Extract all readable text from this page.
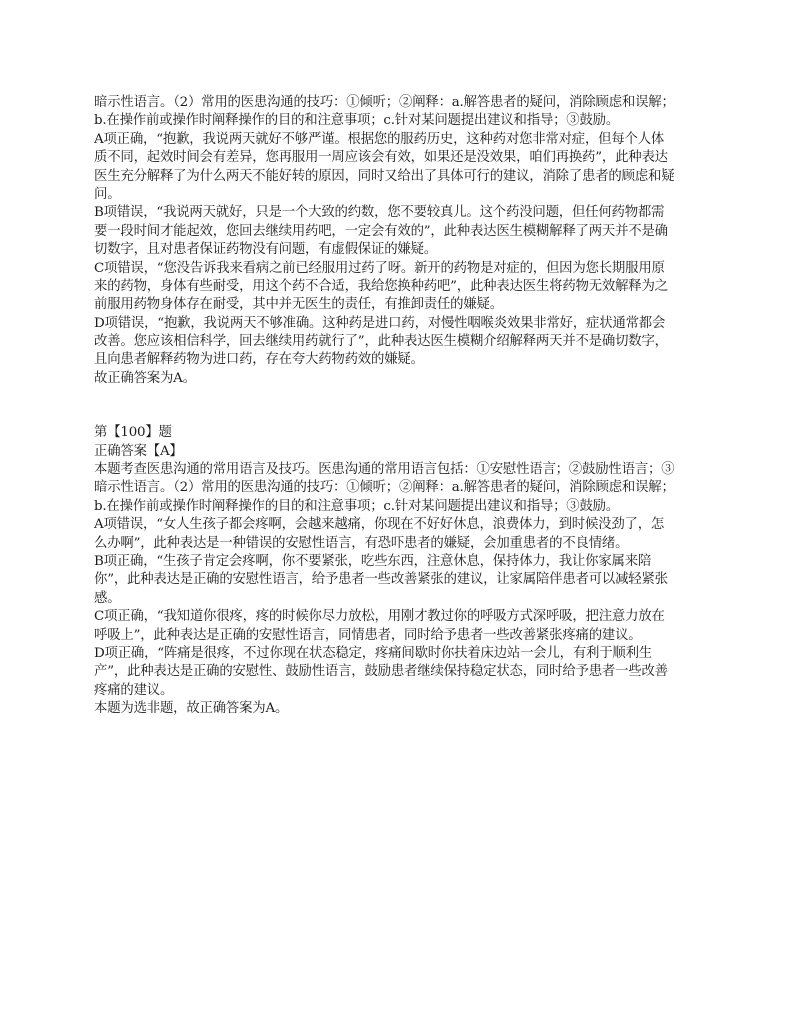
暗示性语言。（2）常用的医患沟通的技巧：①倾听；②阐释：a.解答患者的疑问，消除顾虑和误解；
b.在操作前或操作时阐释操作的目的和注意事项；c.针对某问题提出建议和指导；③鼓励。
A项正确，“抱歉，我说两天就好不够严谨。根据您的服药历史，这种药对您非常对症，但每个人体
质不同，起效时间会有差异，您再服用一周应该会有效，如果还是没效果，咱们再换药”，此种表达
医生充分解释了为什么两天不能好转的原因，同时又给出了具体可行的建议，消除了患者的顾虑和疑
问。
B项错误，“我说两天就好，只是一个大致的约数，您不要较真儿。这个药没问题，但任何药物都需
要一段时间才能起效，您回去继续用药吧，一定会有效的”，此种表达医生模糊解释了两天并不是确
切数字，且对患者保证药物没有问题，有虚假保证的嫌疑。
C项错误，“您没告诉我来看病之前已经服用过药了呀。新开的药物是对症的，但因为您长期服用原
来的药物，身体有些耐受，用这个药不合适，我给您换种药吧”，此种表达医生将药物无效解释为之
前服用药物身体存在耐受，其中并无医生的责任，有推卸责任的嫌疑。
D项错误，“抱歉，我说两天不够准确。这种药是进口药，对慢性咽喉炎效果非常好，症状通常都会
改善。您应该相信科学，回去继续用药就行了”，此种表达医生模糊介绍解释两天并不是确切数字，
且向患者解释药物为进口药，存在夸大药物药效的嫌疑。
故正确答案为A。
第【100】题
正确答案【A】
本题考查医患沟通的常用语言及技巧。医患沟通的常用语言包括：①安慰性语言；②鼓励性语言；③
暗示性语言。（2）常用的医患沟通的技巧：①倾听；②阐释：a.解答患者的疑问，消除顾虑和误解；
b.在操作前或操作时阐释操作的目的和注意事项；c.针对某问题提出建议和指导；③鼓励。
A项错误，“女人生孩子都会疼啊，会越来越痛，你现在不好好休息，浪费体力，到时候没劲了，怎
么办啊”，此种表达是一种错误的安慰性语言，有恐吓患者的嫌疑，会加重患者的不良情绪。
B项正确，“生孩子肯定会疼啊，你不要紧张，吃些东西，注意休息，保持体力，我让你家属来陪
你”，此种表达是正确的安慰性语言，给予患者一些改善紧张的建议，让家属陪伴患者可以减轻紧张
感。
C项正确，“我知道你很疼，疼的时候你尽力放松，用刚才教过你的呼吸方式深呼吸，把注意力放在
呼吸上”，此种表达是正确的安慰性语言，同情患者，同时给予患者一些改善紧张疼痛的建议。
D项正确，“阵痛是很疼，不过你现在状态稳定，疼痛间歇时你扶着床边站一会儿，有利于顺利生
产”，此种表达是正确的安慰性、鼓励性语言，鼓励患者继续保持稳定状态，同时给予患者一些改善
疼痛的建议。
本题为选非题，故正确答案为A。
